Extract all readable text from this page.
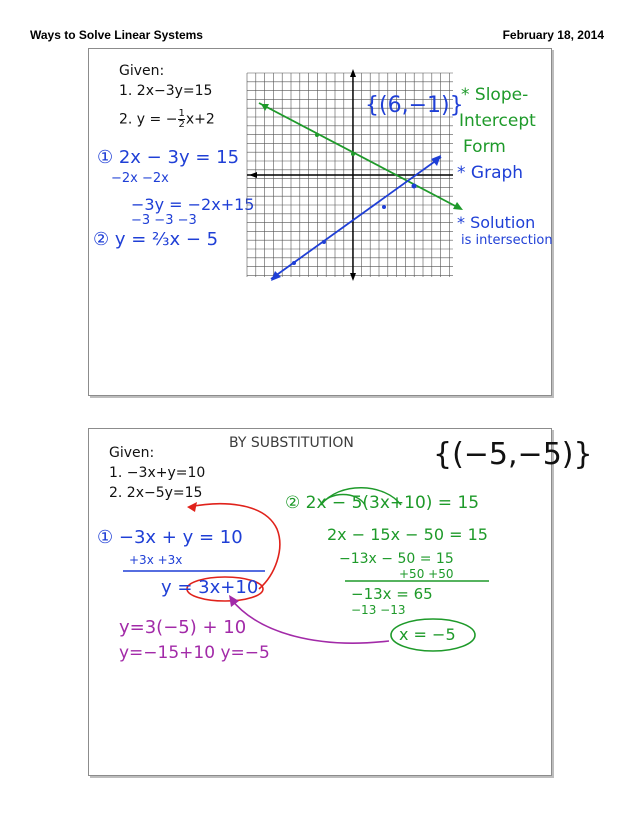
Ways to Solve Linear Systems	February 18, 2014
Given:
1. 2x−3y=15
2. y = − $\frac{1}{2} x+2$
① 2x − 3y = 15
−2x −2x
−3y = −2x+15
−3 −3 −3
② y = ⅔x − 5
{(6,−1)}
* Slope-
Intercept
Form
* Graph
* Solution
is intersection
Given:
1. −3x+y=10
2. 2x−5y=15
BY SUBSTITUTION	{(−5,−5)}
① −3x + y = 10
+3x +3x
y = 3x+10
② 2x − 5(3x+10) = 15
2x − 15x − 50 = 15
−13x − 50 = 15
+50 +50
−13x = 65
−13 −13
x = −5
y=3(−5) + 10
y=−15+10 y=−5
